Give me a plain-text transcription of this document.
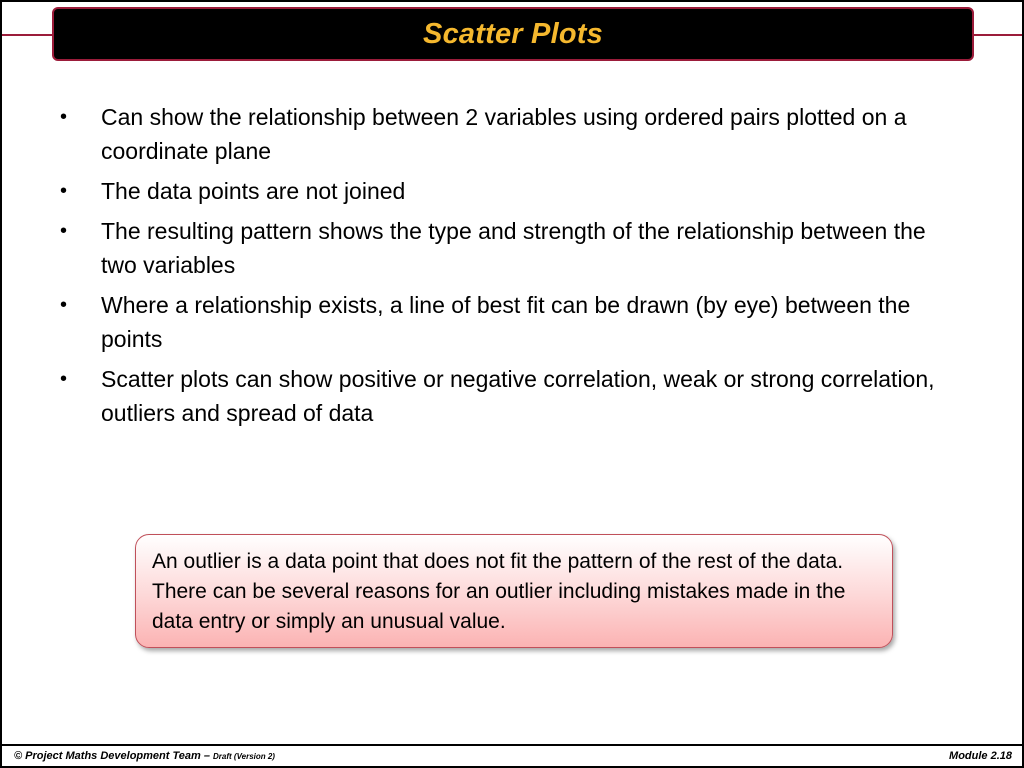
Scatter Plots
•	Can show the relationship between 2 variables using ordered pairs plotted on a coordinate plane
•	The data points are not joined
•	The resulting pattern shows the type and strength of the relationship between the two variables
•	Where a relationship exists, a line of best fit can be drawn (by eye) between the points
•	Scatter plots can show positive or negative correlation, weak or strong correlation, outliers and spread of data
An outlier is a data point that does not fit the pattern of the rest of the data. There can be several reasons for an outlier including mistakes made in the data entry or simply an unusual value.
© Project Maths Development Team – Draft (Version 2)	Module 2.18
